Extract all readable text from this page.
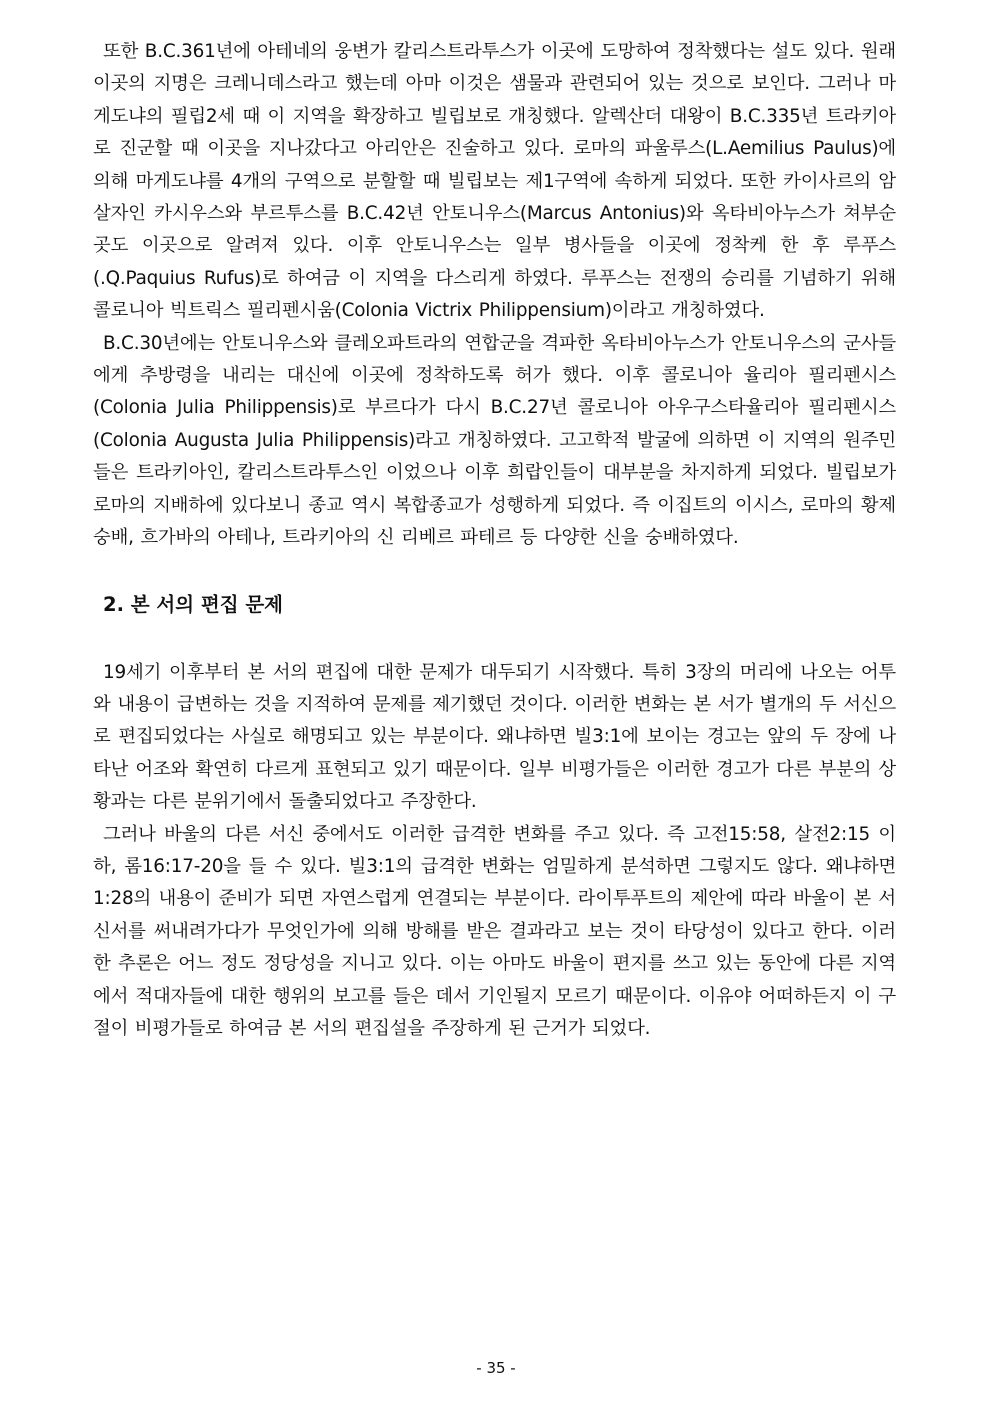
또한 B.C.361년에 아테네의 웅변가 칼리스트라투스가 이곳에 도망하여 정착했다는 설도 있다. 원래 이곳의 지명은 크레니데스라고 했는데 아마 이것은 샘물과 관련되어 있는 것으로 보인다. 그러나 마게도냐의 필립2세 때 이 지역을 확장하고 빌립보로 개칭했다. 알렉산더 대왕이 B.C.335년 트라키아로 진군할 때 이곳을 지나갔다고 아리안은 진술하고 있다. 로마의 파울루스(L.Aemilius Paulus)에 의해 마게도냐를 4개의 구역으로 분할할 때 빌립보는 제1구역에 속하게 되었다. 또한 카이사르의 암살자인 카시우스와 부르투스를 B.C.42년 안토니우스(Marcus Antonius)와 옥타비아누스가 쳐부순 곳도 이곳으로 알려져 있다. 이후 안토니우스는 일부 병사들을 이곳에 정착케 한 후 루푸스(.Q.Paquius Rufus)로 하여금 이 지역을 다스리게 하였다. 루푸스는 전쟁의 승리를 기념하기 위해 콜로니아 빅트릭스 필리펜시움(Colonia Victrix Philippensium)이라고 개칭하였다.

B.C.30년에는 안토니우스와 클레오파트라의 연합군을 격파한 옥타비아누스가 안토니우스의 군사들에게 추방령을 내리는 대신에 이곳에 정착하도록 허가 했다. 이후 콜로니아 율리아 필리펜시스(Colonia Julia Philippensis)로 부르다가 다시 B.C.27년 콜로니아 아우구스타율리아 필리펜시스(Colonia Augusta Julia Philippensis)라고 개칭하였다. 고고학적 발굴에 의하면 이 지역의 원주민들은 트라키아인, 칼리스트라투스인 이었으나 이후 희랍인들이 대부분을 차지하게 되었다. 빌립보가 로마의 지배하에 있다보니 종교 역시 복합종교가 성행하게 되었다. 즉 이집트의 이시스, 로마의 황제 숭배, 흐가바의 아테나, 트라키아의 신 리베르 파테르 등 다양한 신을 숭배하였다.

2. 본 서의 편집 문제

19세기 이후부터 본 서의 편집에 대한 문제가 대두되기 시작했다. 특히 3장의 머리에 나오는 어투와 내용이 급변하는 것을 지적하여 문제를 제기했던 것이다. 이러한 변화는 본 서가 별개의 두 서신으로 편집되었다는 사실로 해명되고 있는 부분이다. 왜냐하면 빌3:1에 보이는 경고는 앞의 두 장에 나타난 어조와 확연히 다르게 표현되고 있기 때문이다. 일부 비평가들은 이러한 경고가 다른 부분의 상황과는 다른 분위기에서 돌출되었다고 주장한다.

그러나 바울의 다른 서신 중에서도 이러한 급격한 변화를 주고 있다. 즉 고전15:58, 살전2:15 이하, 롬16:17-20을 들 수 있다. 빌3:1의 급격한 변화는 엄밀하게 분석하면 그렇지도 않다. 왜냐하면 1:28의 내용이 준비가 되면 자연스럽게 연결되는 부분이다. 라이투푸트의 제안에 따라 바울이 본 서신서를 써내려가다가 무엇인가에 의해 방해를 받은 결과라고 보는 것이 타당성이 있다고 한다. 이러한 추론은 어느 정도 정당성을 지니고 있다. 이는 아마도 바울이 편지를 쓰고 있는 동안에 다른 지역에서 적대자들에 대한 행위의 보고를 들은 데서 기인될지 모르기 때문이다. 이유야 어떠하든지 이 구절이 비평가들로 하여금 본 서의 편집설을 주장하게 된 근거가 되었다.

- 35 -
